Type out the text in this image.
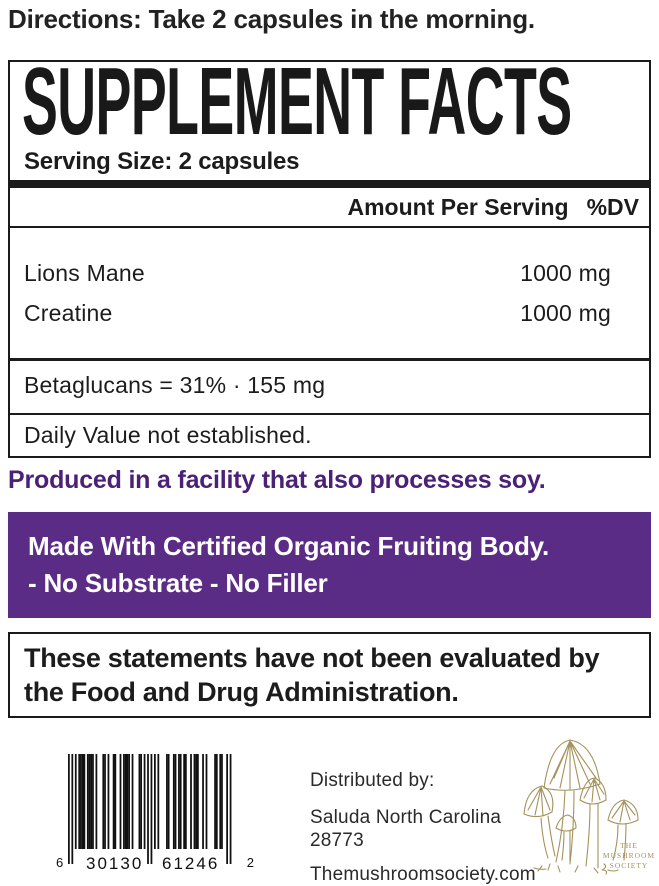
Directions: Take 2 capsules in the morning.
SUPPLEMENT FACTS
Serving Size: 2 capsules
Amount Per Serving %DV
Lions Mane	1000 mg
Creatine	1000 mg
Betaglucans = 31% · 155 mg
Daily Value not established.
Produced in a facility that also processes soy.
Made With Certified Organic Fruiting Body.
- No Substrate - No Filler
These statements have not been evaluated by
the Food and Drug Administration.
6 30130 61246 2
Distributed by:
Saluda North Carolina 28773
Themushroomsociety.com
THE
MUSHROOM
SOCIETY
